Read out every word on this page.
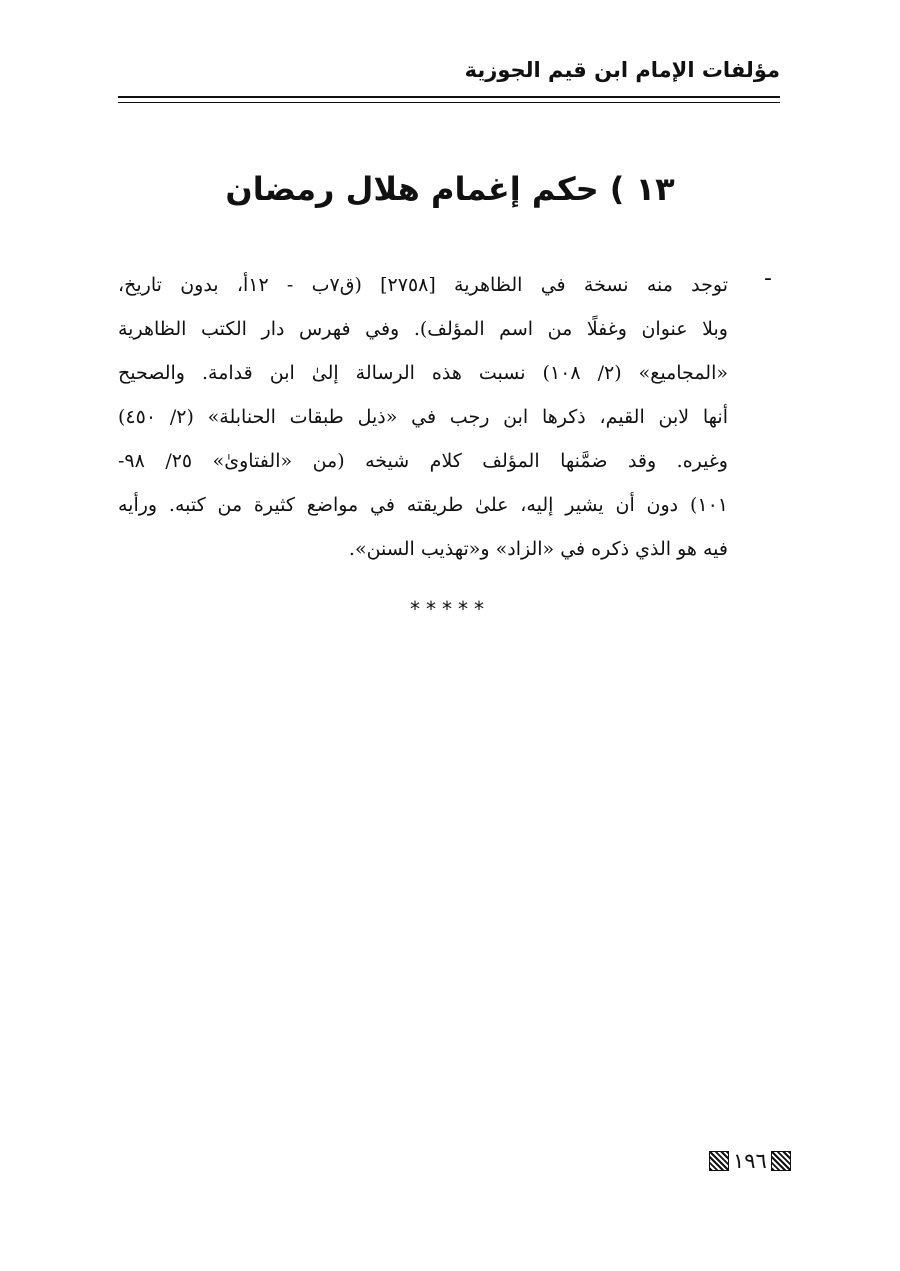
مؤلفات الإمام ابن قيم الجوزية
١٣ ) حكم إغمام هلال رمضان
-
توجد منه نسخة في الظاهرية [٢٧٥٨] (ق٧ب - ١٢أ، بدون تاريخ،
وبلا عنوان وغفلًا من اسم المؤلف). وفي فهرس دار الكتب الظاهرية
«المجاميع» (٢/ ١٠٨) نسبت هذه الرسالة إلىٰ ابن قدامة. والصحيح
أنها لابن القيم، ذكرها ابن رجب في «ذيل طبقات الحنابلة» (٢/ ٤٥٠)
وغيره. وقد ضمَّنها المؤلف كلام شيخه (من «الفتاوىٰ» ٢٥/ ٩٨-
١٠١) دون أن يشير إليه، علىٰ طريقته في مواضع كثيرة من كتبه. ورأيه
فيه هو الذي ذكره في «الزاد» و«تهذيب السنن».
*****
١٩٦
